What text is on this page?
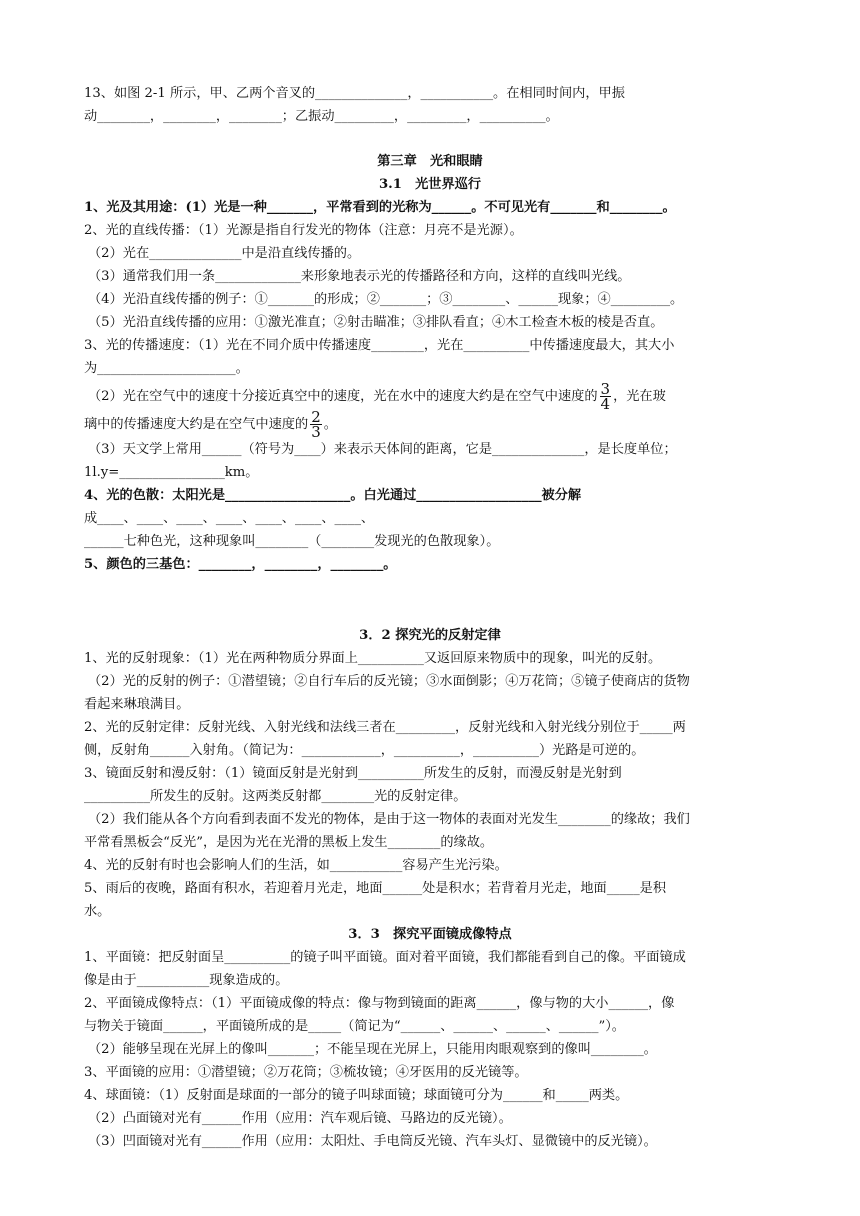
13、如图 2-1 所示，甲、乙两个音叉的______________，___________。在相同时间内，甲振
动________，________，________；乙振动_________，_________，__________。
第三章　光和眼睛
3.1　光世界巡行
1、光及其用途：(1）光是一种_______，平常看到的光称为______。不可见光有_______和________。
2、光的直线传播：（1）光源是指自行发光的物体（注意：月亮不是光源）。
（2）光在______________中是沿直线传播的。
（3）通常我们用一条_____________来形象地表示光的传播路径和方向，这样的直线叫光线。
（4）光沿直线传播的例子：①_______的形成；②_______；③________、______现象；④_________。
（5）光沿直线传播的应用：①激光准直；②射击瞄准；③排队看直；④木工检查木板的棱是否直。
3、光的传播速度：（1）光在不同介质中传播速度________，光在__________中传播速度最大，其大小
为_____________________。
（2）光在空气中的速度十分接近真空中的速度，光在水中的速度大约是在空气中速度的 $\frac{3}{4}$ ，光在玻
璃中的传播速度大约是在空气中速度的 $\frac{2}{3}$ 。
（3）天文学上常用______（符号为____）来表示天体间的距离，它是______________，是长度单位；
1l.y=________________km。
4、光的色散：太阳光是___________________。白光通过___________________被分解
成____、____、____、____、____、____、____、
______七种色光，这种现象叫________（________发现光的色散现象）。
5、颜色的三基色：________，________，________。
3．2 探究光的反射定律
1、光的反射现象：（1）光在两种物质分界面上__________又返回原来物质中的现象，叫光的反射。
（2）光的反射的例子：①潜望镜；②自行车后的反光镜；③水面倒影；④万花筒；⑤镜子使商店的货物
看起来琳琅满目。
2、光的反射定律：反射光线、入射光线和法线三者在_________，反射光线和入射光线分别位于_____两
侧，反射角______入射角。（简记为：____________，__________，__________）光路是可逆的。
3、镜面反射和漫反射：（1）镜面反射是光射到__________所发生的反射，而漫反射是光射到
__________所发生的反射。这两类反射都________光的反射定律。
（2）我们能从各个方向看到表面不发光的物体，是由于这一物体的表面对光发生________的缘故；我们
平常看黑板会“反光”，是因为光在光滑的黑板上发生________的缘故。
4、光的反射有时也会影响人们的生活，如___________容易产生光污染。
5、雨后的夜晚，路面有积水，若迎着月光走，地面______处是积水；若背着月光走，地面_____是积
水。
3．3　探究平面镜成像特点
1、平面镜：把反射面呈__________的镜子叫平面镜。面对着平面镜，我们都能看到自己的像。平面镜成
像是由于___________现象造成的。
2、平面镜成像特点：（1）平面镜成像的特点：像与物到镜面的距离______，像与物的大小______，像
与物关于镜面______，平面镜所成的是_____（简记为“______、______、______、______”）。
（2）能够呈现在光屏上的像叫_______；不能呈现在光屏上，只能用肉眼观察到的像叫________。
3、平面镜的应用：①潜望镜；②万花筒；③梳妆镜；④牙医用的反光镜等。
4、球面镜：（1）反射面是球面的一部分的镜子叫球面镜；球面镜可分为______和_____两类。
（2）凸面镜对光有______作用（应用：汽车观后镜、马路边的反光镜）。
（3）凹面镜对光有______作用（应用：太阳灶、手电筒反光镜、汽车头灯、显微镜中的反光镜）。
